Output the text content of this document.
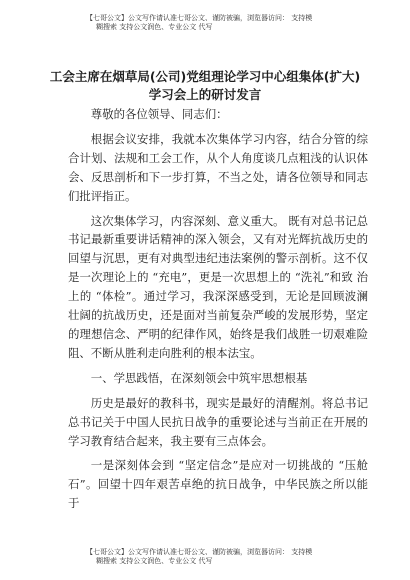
【七哥公文】公文写作请认准七哥公文、谨防被骗，浏览器访问： 支持模
糊搜索 支持公文润色、专业公文 代写
工会主席在烟草局(公司)党组理论学习中心组集体(扩大)
学习会上的研讨发言

尊敬的各位领导、同志们：

根据会议安排，我就本次集体学习内容，结合分管的综合计划、法规和工会工作，从个人角度谈几点粗浅的认识体会、反思剖析和下一步打算，不当之处，请各位领导和同志们批评指正。

这次集体学习，内容深刻、意义重大。 既有对总书记总书记最新重要讲话精神的深入领会，又有对光辉抗战历史的 回望与沉思，更有对典型违纪违法案例的警示剖析。这不仅 是一次理论上的 “充电”，更是一次思想上的 “洗礼”和致 治上的 “体检”。通过学习，我深深感受到，无论是回顾波澜 壮阔的抗战历史，还是面对当前复杂严峻的发展形势，坚定 的理想信念、严明的纪律作风，始终是我们战胜一切艰难险 阻、不断从胜利走向胜利的根本法宝。

一、学思践悟，在深刻领会中筑牢思想根基

历史是最好的教科书，现实是最好的清醒剂。将总书记总书记关于中国人民抗日战争的重要论述与当前正在开展的学习教育结合起来，我主要有三点体会。

一是深刻体会到 “坚定信念”是应对一切挑战的 “压舱 石”。回望十四年艰苦卓绝的抗日战争，中华民族之所以能于

【七哥公文】公文写作请认准七哥公文、谨防被骗，浏览器访问： 支持模
糊搜索 支持公文润色、专业公文 代写
